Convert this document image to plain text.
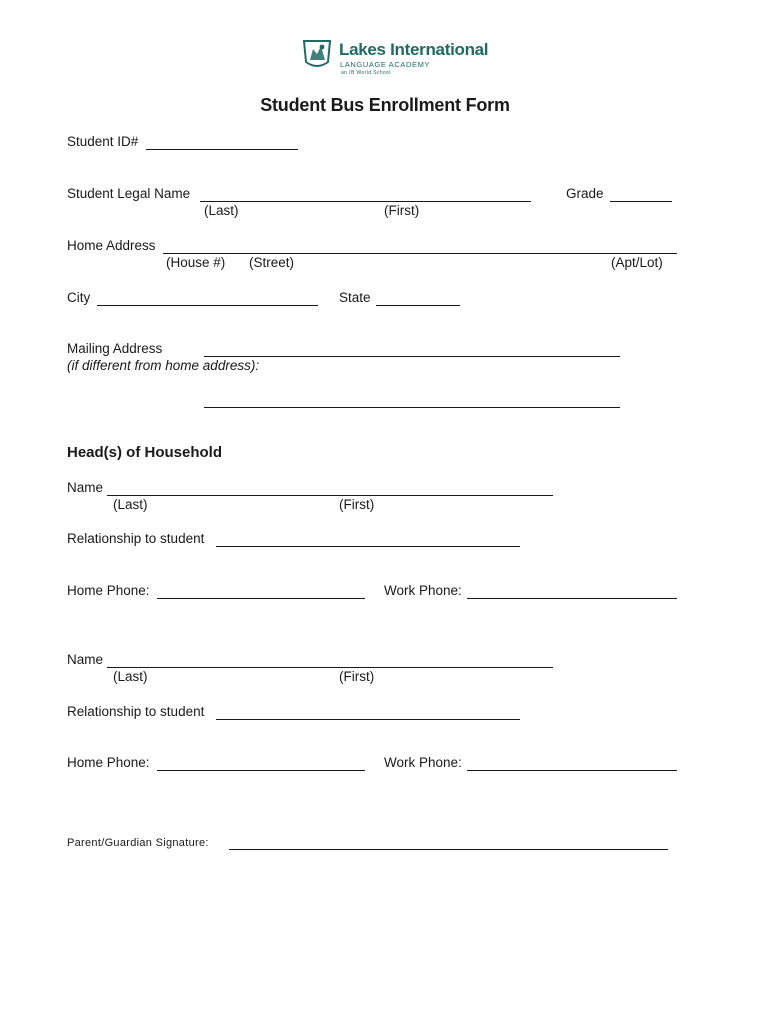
Lakes International
LANGUAGE ACADEMY
an IB World School
Student Bus Enrollment Form
Student ID#
Student Legal Name	Grade
(Last)	(First)
Home Address
(House #) (Street)	(Apt/Lot)
City	State
Mailing Address
(if different from home address):
Head(s) of Household
Name
(Last)	(First)
Relationship to student
Home Phone:	Work Phone:
Name
(Last)	(First)
Relationship to student
Home Phone:	Work Phone:
Parent/Guardian Signature:
